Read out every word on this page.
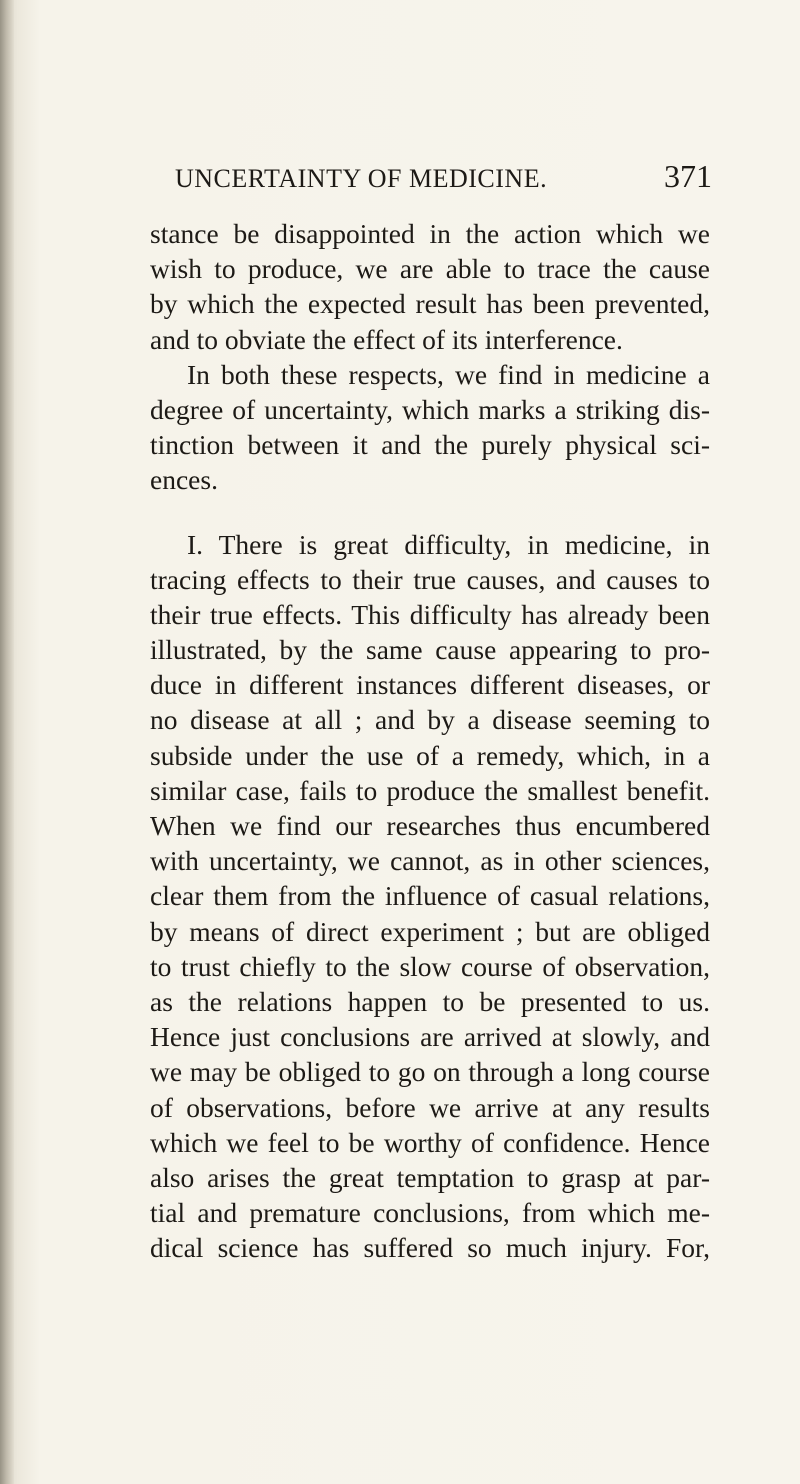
UNCERTAINTY OF MEDICINE.	371
stance be disappointed in the action which we
wish to produce, we are able to trace the cause
by which the expected result has been prevented,
and to obviate the effect of its interference.
In both these respects, we find in medicine a
degree of uncertainty, which marks a striking dis-
tinction between it and the purely physical sci-
ences.
I. There is great difficulty, in medicine, in
tracing effects to their true causes, and causes to
their true effects. This difficulty has already been
illustrated, by the same cause appearing to pro-
duce in different instances different diseases, or
no disease at all ; and by a disease seeming to
subside under the use of a remedy, which, in a
similar case, fails to produce the smallest benefit.
When we find our researches thus encumbered
with uncertainty, we cannot, as in other sciences,
clear them from the influence of casual relations,
by means of direct experiment ; but are obliged
to trust chiefly to the slow course of observation,
as the relations happen to be presented to us.
Hence just conclusions are arrived at slowly, and
we may be obliged to go on through a long course
of observations, before we arrive at any results
which we feel to be worthy of confidence. Hence
also arises the great temptation to grasp at par-
tial and premature conclusions, from which me-
dical science has suffered so much injury. For,
